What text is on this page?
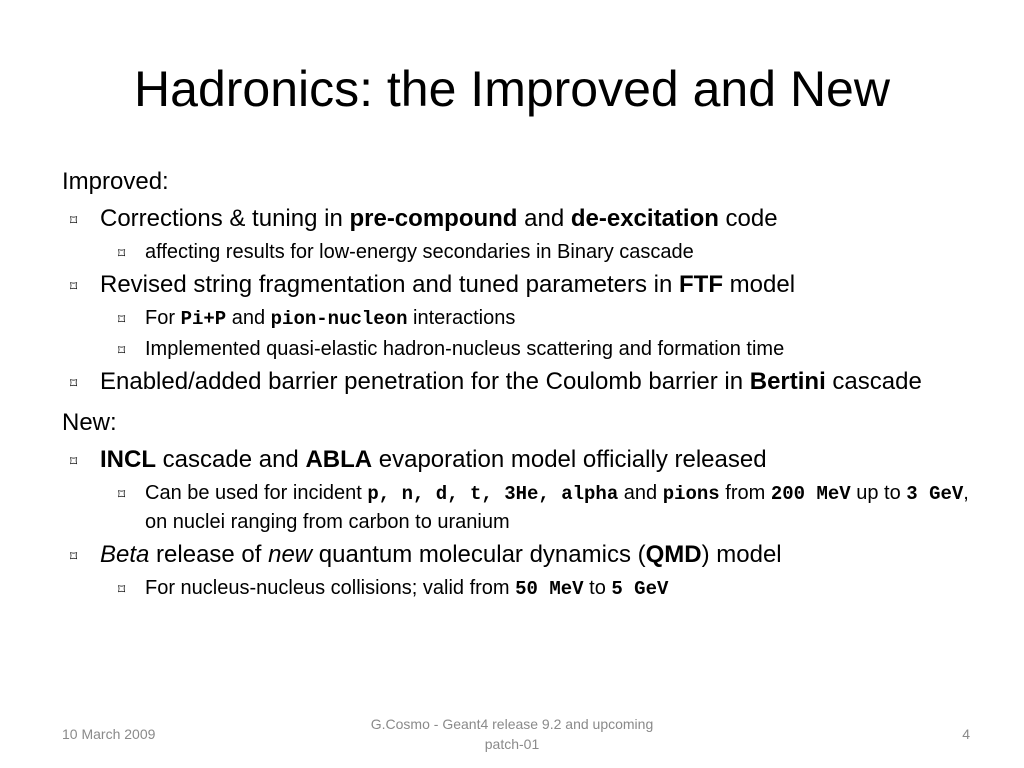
Hadronics: the Improved and New

Improved:

⌑ Corrections & tuning in pre-compound and de-excitation code

⌑ affecting results for low-energy secondaries in Binary cascade

⌑ Revised string fragmentation and tuned parameters in FTF model

⌑ For Pi+P and pion-nucleon interactions

⌑ Implemented quasi-elastic hadron-nucleus scattering and formation time

⌑ Enabled/added barrier penetration for the Coulomb barrier in Bertini cascade

New:

⌑ INCL cascade and ABLA evaporation model officially released

⌑ Can be used for incident p, n, d, t, 3He, alpha and pions from 200 MeV up to 3 GeV, on nuclei ranging from carbon to uranium

⌑ Beta release of new quantum molecular dynamics (QMD) model

⌑ For nucleus-nucleus collisions; valid from 50 MeV to 5 GeV

10 March 2009
G.Cosmo - Geant4 release 9.2 and upcoming patch-01
4
